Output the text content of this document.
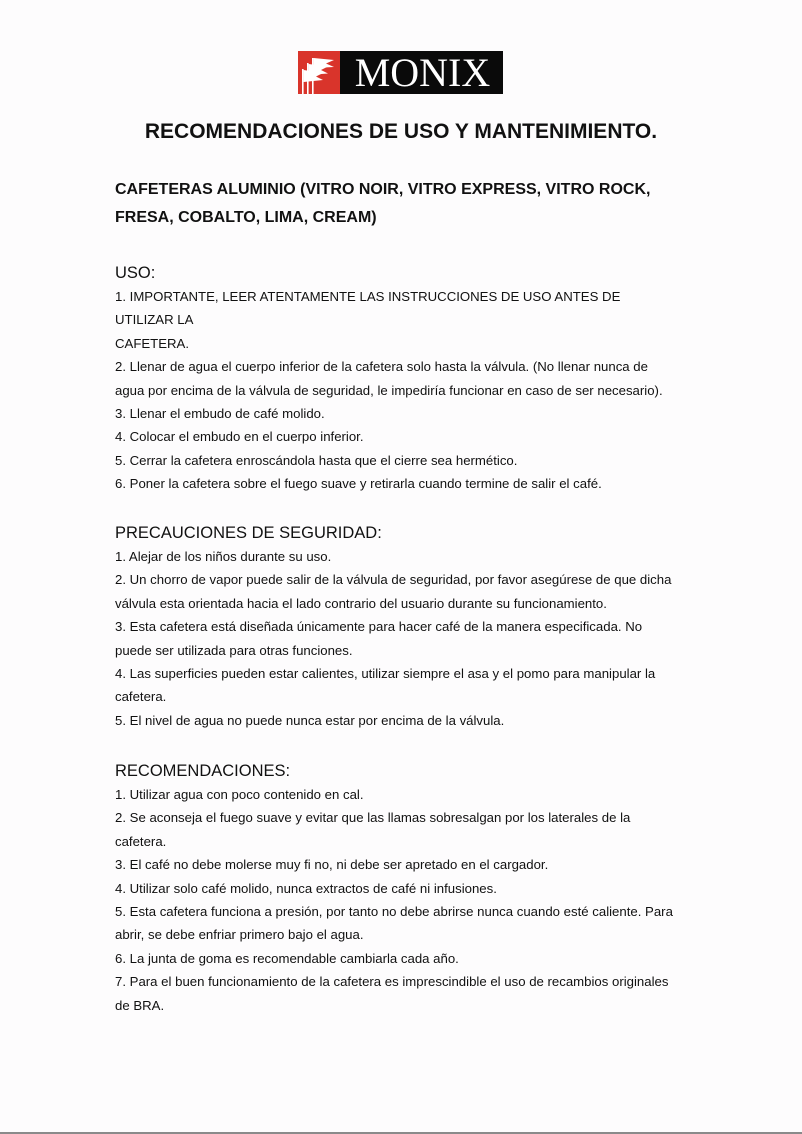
MONIX
RECOMENDACIONES DE USO Y MANTENIMIENTO.
CAFETERAS ALUMINIO (VITRO NOIR, VITRO EXPRESS, VITRO ROCK,
FRESA, COBALTO, LIMA, CREAM)
USO:

1. IMPORTANTE, LEER ATENTAMENTE LAS INSTRUCCIONES DE USO ANTES DE

UTILIZAR LA

CAFETERA.

2. Llenar de agua el cuerpo inferior de la cafetera solo hasta la válvula. (No llenar nunca de

agua por encima de la válvula de seguridad, le impediría funcionar en caso de ser necesario).

3. Llenar el embudo de café molido.

4. Colocar el embudo en el cuerpo inferior.

5. Cerrar la cafetera enroscándola hasta que el cierre sea hermético.

6. Poner la cafetera sobre el fuego suave y retirarla cuando termine de salir el café.

PRECAUCIONES DE SEGURIDAD:

1. Alejar de los niños durante su uso.

2. Un chorro de vapor puede salir de la válvula de seguridad, por favor asegúrese de que dicha

válvula esta orientada hacia el lado contrario del usuario durante su funcionamiento.

3. Esta cafetera está diseñada únicamente para hacer café de la manera especificada. No

puede ser utilizada para otras funciones.

4. Las superficies pueden estar calientes, utilizar siempre el asa y el pomo para manipular la

cafetera.

5. El nivel de agua no puede nunca estar por encima de la válvula.

RECOMENDACIONES:

1. Utilizar agua con poco contenido en cal.

2. Se aconseja el fuego suave y evitar que las llamas sobresalgan por los laterales de la

cafetera.

3. El café no debe molerse muy fi no, ni debe ser apretado en el cargador.

4. Utilizar solo café molido, nunca extractos de café ni infusiones.

5. Esta cafetera funciona a presión, por tanto no debe abrirse nunca cuando esté caliente. Para

abrir, se debe enfriar primero bajo el agua.

6. La junta de goma es recomendable cambiarla cada año.

7. Para el buen funcionamiento de la cafetera es imprescindible el uso de recambios originales

de BRA.
